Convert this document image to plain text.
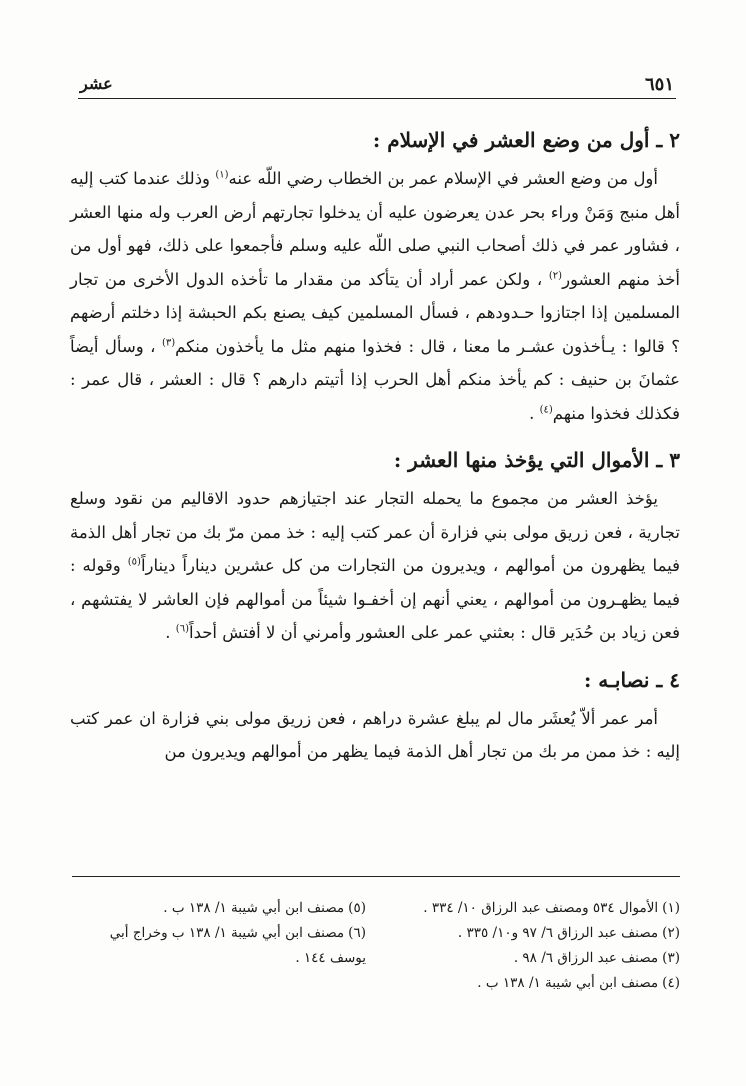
٦٥١
عشر
٢ ـ أول من وضع العشر في الإسلام :

أول من وضع العشر في الإسلام عمر بن الخطاب رضي اللّه عنه$^{(١)}$ وذلك عندما كتب إليه أهل منبج وَمَنْ وراء بحر عدن يعرضون عليه أن يدخلوا تجارتهم أرض العرب وله منها العشر ، فشاور عمر في ذلك أصحاب النبي صلى اللّه عليه وسلم فأجمعوا على ذلك، فهو أول من أخذ منهم العشور$^{(٢)}$ ، ولكن عمر أراد أن يتأكد من مقدار ما تأخذه الدول الأخرى من تجار المسلمين إذا اجتازوا حـدودهم ، فسأل المسلمين كيف يصنع بكم الحبشة إذا دخلتم أرضهم ؟ قالوا : يـأخذون عشـر ما معنا ، قال : فخذوا منهم مثل ما يأخذون منكم$^{(٣)}$ ، وسأل أيضاً عثمانَ بن حنيف : كم يأخذ منكم أهل الحرب إذا أتيتم دارهم ؟ قال : العشر ، قال عمر : فكذلك فخذوا منهم$^{(٤)}$ .

٣ ـ الأموال التي يؤخذ منها العشر :

يؤخذ العشر من مجموع ما يحمله التجار عند اجتيازهم حدود الاقاليم من نقود وسلع تجارية ، فعن زريق مولى بني فزارة أن عمر كتب إليه : خذ ممن مرّ بك من تجار أهل الذمة فيما يظهرون من أموالهم ، ويديرون من التجارات من كل عشرين ديناراً ديناراً$^{(٥)}$ وقوله : فيما يظهـرون من أموالهم ، يعني أنهم إن أخفـوا شيئاً من أموالهم فإن العاشر لا يفتشهم ، فعن زياد بن حُدَير قال : بعثني عمر على العشور وأمرني أن لا أفتش أحداً$^{(٦)}$ .

٤ ـ نصابـه :

أمر عمر ألاّ يُعشَر مال لم يبلغ عشرة دراهم ، فعن زريق مولى بني فزارة ان عمر كتب إليه : خذ ممن مر بك من تجار أهل الذمة فيما يظهر من أموالهم ويديرون من

(١)الأموال ٥٣٤ ومصنف عبد الرزاق ١٠/ ٣٣٤ .

(٢)مصنف عبد الرزاق ٦/ ٩٧ و١٠/ ٣٣٥ .

(٣)مصنف عبد الرزاق ٦/ ٩٨ .

(٤)مصنف ابن أبي شيبة ١/ ١٣٨ ب .

(٥)مصنف ابن أبي شيبة ١/ ١٣٨ ب .

(٦)مصنف ابن أبي شيبة ١/ ١٣٨ ب وخراج أبي يوسف ١٤٤ .
